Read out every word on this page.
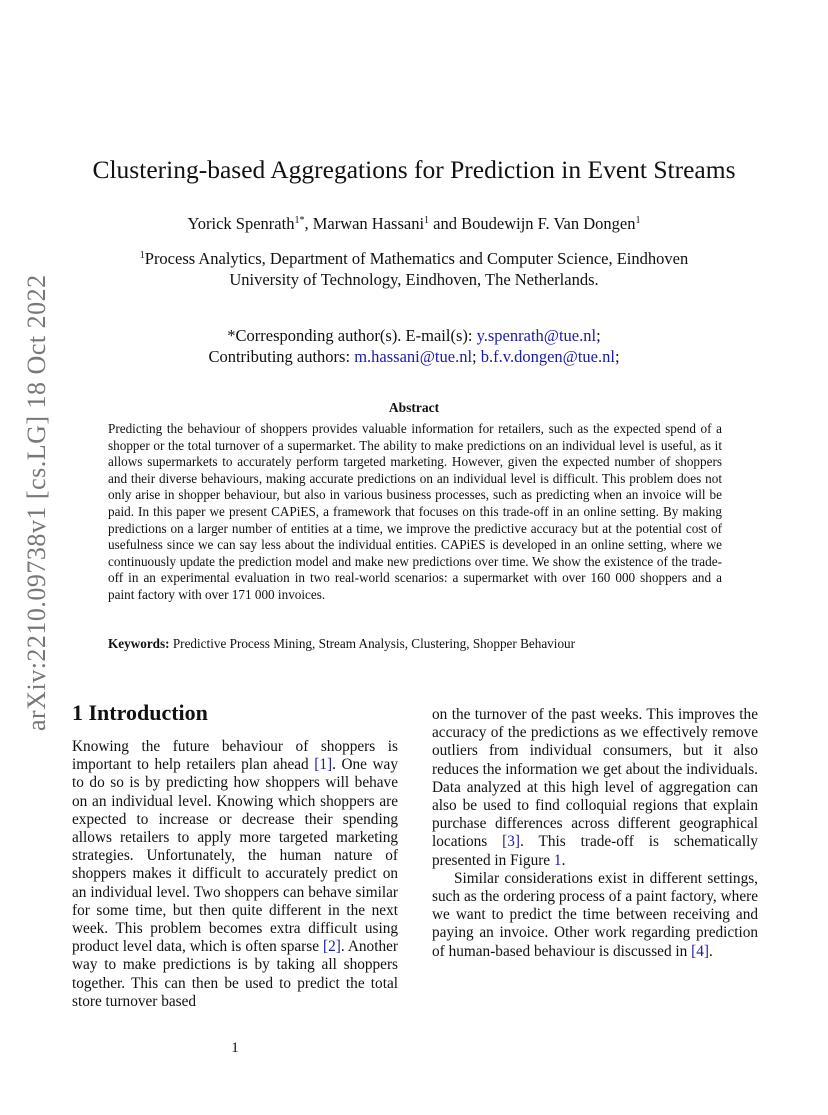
arXiv:2210.09738v1 [cs.LG] 18 Oct 2022
Clustering-based Aggregations for Prediction in Event Streams
Yorick Spenrath$^{1*}$, Marwan Hassani$^1$ and Boudewijn F. Van Dongen$^1$
$^1$Process Analytics, Department of Mathematics and Computer Science, Eindhoven
University of Technology, Eindhoven, The Netherlands.
*Corresponding author(s). E-mail(s): y.spenrath@tue.nl;
Contributing authors: m.hassani@tue.nl; b.f.v.dongen@tue.nl;
Abstract
Predicting the behaviour of shoppers provides valuable information for retailers, such as the expected spend of a shopper or the total turnover of a supermarket. The ability to make predictions on an individual level is useful, as it allows supermarkets to accurately perform targeted marketing. However, given the expected number of shoppers and their diverse behaviours, making accurate predictions on an individual level is difficult. This problem does not only arise in shopper behaviour, but also in various business processes, such as predicting when an invoice will be paid. In this paper we present CAPiES, a framework that focuses on this trade-off in an online setting. By making predictions on a larger number of entities at a time, we improve the predictive accuracy but at the potential cost of usefulness since we can say less about the individual entities. CAPiES is developed in an online setting, where we continuously update the prediction model and make new predictions over time. We show the existence of the trade-off in an experimental evaluation in two real-world scenarios: a supermarket with over 160 000 shoppers and a paint factory with over 171 000 invoices.
Keywords: Predictive Process Mining, Stream Analysis, Clustering, Shopper Behaviour
1 Introduction

Knowing the future behaviour of shoppers is important to help retailers plan ahead [1]. One way to do so is by predicting how shoppers will behave on an individual level. Knowing which shoppers are expected to increase or decrease their spending allows retailers to apply more targeted marketing strategies. Unfortunately, the human nature of shoppers makes it difficult to accurately predict on an individual level. Two shoppers can behave similar for some time, but then quite different in the next week. This problem becomes extra difficult using product level data, which is often sparse [2]. Another way to make predictions is by taking all shoppers together. This can then be used to predict the total store turnover based

on the turnover of the past weeks. This improves the accuracy of the predictions as we effectively remove outliers from individual consumers, but it also reduces the information we get about the individuals. Data analyzed at this high level of aggregation can also be used to find colloquial regions that explain purchase differences across different geographical locations [3]. This trade-off is schematically presented in Figure 1.

Similar considerations exist in different settings, such as the ordering process of a paint factory, where we want to predict the time between receiving and paying an invoice. Other work regarding prediction of human-based behaviour is discussed in [4].

1
